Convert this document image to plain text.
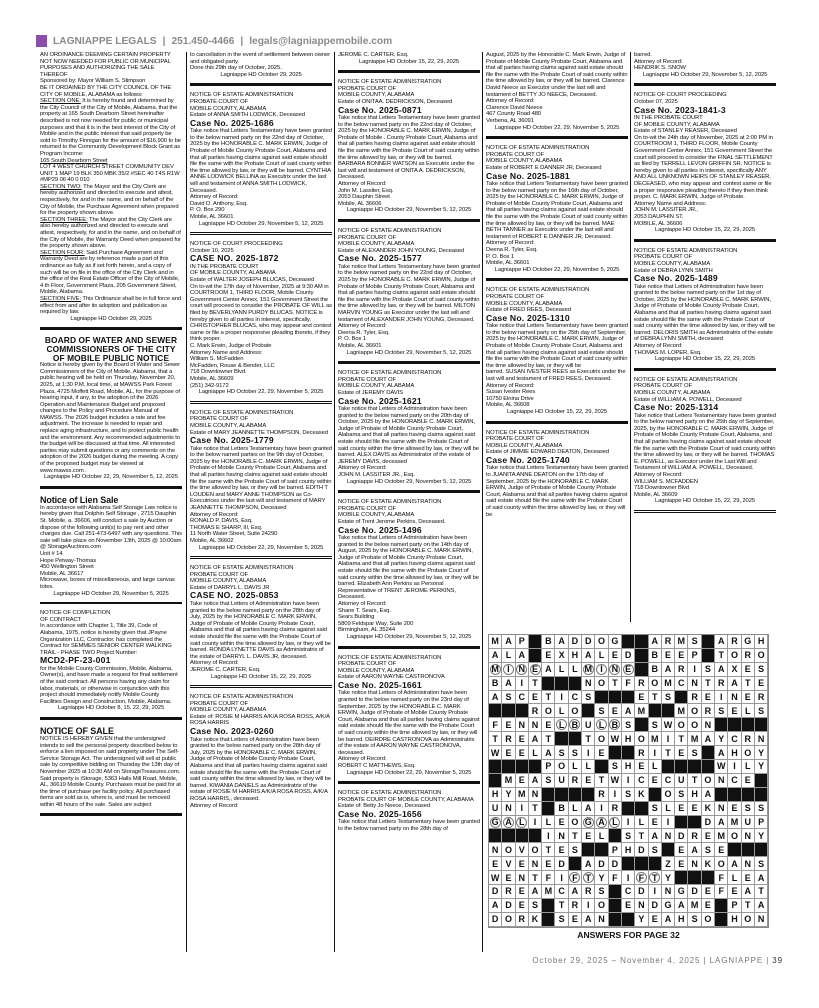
LAGNIAPPE LEGALS | 251.450-4466 | legals@lagniappemobile.com

AN ORDINANCE DEEMING CERTAIN PROPERTY NOT NOW NEEDED FOR PUBLIC OR MUNICIPAL PURPOSES AND AUTHORIZING THE SALE THEREOF

Sponsored by: Mayor William S. Stimpson

BE IT ORDAINED BY THE CITY COUNCIL OF THE CITY OF MOBILE, ALABAMA as follows:

SECTION ONE: It is hereby found and determined by the City Council of the City of Mobile, Alabama, that the property at 165 South Dearborn Street hereinafter described is not now needed for public or municipal purposes and that it is in the best interest of the City of Mobile and in the public interest that said property be sold to Timothy Finnigan for the amount of $16,900 to be returned to the Community Development Block Grant as Program Income:

165 South Dearborn Street

LOT 4 WEST CHURCH STREET COMMUNITY DEV UNIT 1 MAP 19 BLK 350 MBK 35/2 #SEC 40 T4S R1W #MP29 06 40 0 010

SECTION TWO: The Mayor and the City Clerk are hereby authorized and directed to execute and attest, respectively, for and in the name, and on behalf of the City of Mobile, the Purchase Agreement when prepared for the property shown above.

SECTION THREE: The Mayor and the City Clerk are also hereby authorized and directed to execute and attest, respectively, for and in the name, and on behalf of the City of Mobile, the Warranty Deed when prepared for the property shown above.

SECTION FOUR: Said Purchase Agreement and Warranty Deed are by reference made a part of this ordinance as fully as if set forth herein, and a copy of such will be on file in the office of the City Clerk and in the office of the Real Estate Officer of the City of Mobile, 4 th Floor, Government Plaza, 205 Government Street, Mobile, Alabama.

SECTION FIVE: This Ordinance shall be in full force and effect from and after its adoption and publication as required by law.

Lagniappe HD October 29, 2025

BOARD OF WATER AND SEWER COMMISSIONERS OF THE CITY OF MOBILE PUBLIC NOTICE

Notice is hereby given by the Board of Water and Sewer Commissioners of the City of Mobile, Alabama, that a public hearing will be held on Thursday, November 20, 2025, at 1:30 P.M. local time, at MAWSS Park Forest Plaza, 4725 Moffett Road, Mobile, AL, for the purpose of hearing input, if any, to the adoption of the 2026 Operation and Maintenance Budget and proposed changes to the Policy and Procedure Manual of MAWSS. The 2026 budget includes a rate and fee adjustment. The increase is needed to repair and replace aging infrastructure, and to protect public health and the environment. Any recommended adjustments to the budget will be discussed at that time. All interested parties may submit questions or any comments on the adoption of the 2026 budget during the meeting. A copy of the proposed budget may be viewed at www.mawss.com .

Lagniappe HD October 22, 29, November 5, 12, 2025

Notice of Lien Sale

In accordance with Alabama Self Storage Law notice is hereby given that Dolphin Self Storage , 2715 Dauphin St. Mobile, a. 36606, will conduct a sale by Auction or dispose of the following unit(s) to pay rent and other charges due. Call 251-473-6497 with any questions. This sale will take place on November 13th, 2025 @ 10:00am @ StorageAuctions.com

Unit # 14

Hope Petway-Thomas

450 Wellington Street

Mobile, AL 36617

Microwave, boxes of miscellaneous, and large canvas totes.

Lagniappe HD October 29, November 5, 2025

NOTICE OF COMPLETION

OF CONTRACT

In accordance with Chapter 1, Title 39, Code of Alabama, 1975, notice is hereby given that JPayne Organization LLC, Contractor, has completed the Contract for SEMMES SENIOR CENTER WALKING TRAIL - PHASE TWO Project Number:

MCD2-PF-23-001

for the Mobile County Commission, Mobile, Alabama, Owner(s), and have made a request for final settlement of the said contract. All persons having any claim for labor, materials, or otherwise in conjunction with this project should immediately notify Mobile County Facilities Design and Construction, Mobile, Alabama.

Lagniappe HD October 8, 15, 22, 29, 2025

NOTICE OF SALE

NOTICE IS HEREBY GIVEN that the undersigned intends to sell the personal property described below to enforce a lien imposed on said property under The Self-Service Storage Act. The undersigned will sell at public sale by competitive bidding on Thursday the 13th day of November 2025 at 10:30 AM on StorageTreasures.com. Said property is iStorage, 5363 Halls Mill Road, Mobile, AL, 36619 Mobile County. Purchases must be paid for at the time of purchase per facility policy. All purchased items are sold as is, where is, and must be removed within 48 hours of the sale. Sales are subject

to cancellation in the event of settlement between owner and obligated party.

Done this 29th day of October, 2025.

Lagniappe HD October 29, 2025

NOTICE OF ESTATE ADMINISTRATION

PROBATE COURT OF

MOBILE COUNTY, ALABAMA

Estate of ANNA SMITH LODWICK, Deceased

Case No. 2025-1686

Take notice that Letters Testamentary have been granted to the below named party on the 22nd day of October, 2025 by the HONORABLE C. MARK ERWIN, Judge of Probate of Mobile County Probate Court, Alabama and that all parties having claims against said estate should file the same with the Probate Court of said county within the time allowed by law, or they will be barred. CYNTHIA ANNE LODWICK BELLINA as Executrix under the last will and testament of ANNA SMITH LODWICK, Deceased.

Attorney of Record:

David D. Anthony, Esq.

P. O. Box 290

Mobile, AL 36601

Lagniappe HD October 29, November 5, 12, 2025

NOTICE OF COURT PROCEEDING

October 10, 2025

CASE NO. 2025-1872

IN THE PROBATE COURT

OF MOBILE COUNTY, ALABAMA

Estate of WALTER JOSEPH BLUCAS, Deceased

On to-wit the 17th day of November, 2025 at 9:30 AM in COURTROOM 1, THIRD FLOOR, Mobile County Government Center Annex, 151 Government Street the court will proceed to consider the PROBATE OF WILL as filed by BEVERLYANN PURDY BLUCAS. NOTICE is hereby given to all parties in interest, specifically, CHRISTOPHER BLUCAS, who may appear and contest same or file a proper responsive pleading thereto, if they think proper.

C. Mark Erwin, Judge of Probate

Attorney Name and Address:

William S. McFadden

McFadden, Rouse & Bender, LLC

718 Downtowner Blvd.

Mobile, AL 36609

(251) 342-9172

Lagniappe HD October 22, 29, November 5, 2025

NOTICE OF ESTATE ADMINISTRATION

PROBATE COURT OF

MOBILE COUNTY, ALABAMA

Estate of MARY JEANNETTE THOMPSON, Deceased

Case No. 2025-1779

Take notice that Letters Testamentary have been granted to the below named parties on the 9th day of October, 2025 by the HONORABLE C. MARK ERWIN, Judge of Probate of Mobile County Probate Court, Alabama and that all parties having claims against said estate should file the same with the Probate Court of said county within the time allowed by law, or they will be barred. EDITH T LOUDEN and MARY ANNE THOMPSON as Co-Executrices under the last will and testament of MARY JEANNETTE THOMPSON, Deceased

Attorney of Record:

RONALD P. DAVIS, Esq.

THOMAS E SHARP, III, Esq.

11 North Water Street, Suite 24290

Mobile, AL 36602

Lagniappe HD October 22, 29, November 5, 2025

NOTICE OF ESTATE ADMINISTRATION

PROBATE COURT OF

MOBILE COUNTY, ALABAMA

Estate of DARRYL L. DAVIS JR

CASE NO. 2025-0853

Take notice that Letters of Administration have been granted to the below named party on the 28th day of July, 2025 by the HONORABLE C. MARK ERWIN, Judge of Probate of Mobile County Probate Court, Alabama and that all parties having claims against said estate should file the same with the Probate Court of said county within the time allowed by law, or they will be barred. RONDA LYNETTE DAVIS as Administratrix of the estate of DARRYL L. DAVIS JR, deceased.

Attorney of Record:

JEROME C. CARTER, Esq.

Lagniappe HD October 15, 22, 29, 2025

NOTICE OF ESTATE ADMINISTRATION

PROBATE COURT OF

MOBILE COUNTY, ALABAMA

Estate of: ROSIE M HARRIS A/K/A ROSA ROSS, A/K/A ROSA HARRIS

Case No. 2023-0260

Take notice that Letters of Administration have been granted to the below named party on the 28th day of July, 2025 by the HONORABLE C. MARK ERWIN, Judge of Probate of Mobile County Probate Court, Alabama and that all parties having claims against said estate should file the same with the Probate Court of said county within the time allowed by law, or they will be barred. KIWANIA DANIELS as Administratrix of the estate of ROSIE M HARRIS A/K/A ROSA ROSS, A/K/A ROSA HARRIS,, deceased.

Attorney of Record:

JEROME C. CARTER, Esq.

Lagniappe HD October 15, 22, 29, 2025

NOTICE OF ESTATE ADMINISTRATION

PROBATE COURT OF

MOBILE COUNTY, ALABAMA

Estate of ONITAA. DEDRICKSON, Deceased

Case No. 2025-0871

Take notice that Letters Testamentary have been granted to the below named party on the 22nd day of October, 2025 by the HONORABLE C. MARK ERWIN, Judge of Probate of Mobile . County Probate Court, Alabama and that all parties having claims against said estate should file the same with the Probate Court of said county within the time allowed by law, or they will be barred. BARBARA BONNER WATSON as Executrix under the last will and testament of ONITA A. DEDRICKSON, Deceased.

Attorney of Record:

John M. Lassiter, Esq.

2053 Dauphin Street

Mobile, AL 36606

Lagniappe HD October 29, November 5, 12, 2025

NOTICE OF ESTATE ADMINISTRATION

PROBATE COURT OF

MOBILE COUNTY, ALABAMA

Estate of ALEXANDER JOHN YOUNG, Deceased

Case No. 2025-1577

Take notice that Letters Testamentary have been granted to the below named party on the 22nd day of October, 2025 by the HONORABLE C. MARK ERWIN, Judge of Probate of Mobile County Probate Court, Alabama and that all parties having claims against said estate should file the same with the Probate Court of said county within the time allowed by law, or they will be barred. MILTON MARVIN YOUNG as Executor under the last will and testament of ALEXANDER JOHN YOUNG, Deceased.

Attorney of Record:

Deena R. Tyler, Esq.

P. O. Box 1

Mobile, AL 36601

Lagniappe HD October 29, November 5, 12, 2025

NOTICE OF ESTATE ADMINISTRATION

PROBATE COURT OF

MOBILE COUNTY, ALABAMA

Estate of JEREMY DAVIS

Case No. 2025-1621

Take notice that Letters of Administration have been granted to the below named party on the 20th day of October, 2025 by the HONORABLE C. MARK ERWIN, Judge of Probate of Mobile County Probate Court, Alabama and that all parties having claims against said estate should file the same with the Probate Court of said county within the time allowed by law, or they will be barred. ALEX DAVIS as Administrator of the estate of JEREMY DAVIS, deceased

Attorney of Record:

JOHN M. LASSITER JR., Esq.

Lagniappe HD October 29, November 5, 12, 2025

NOTICE OF ESTATE ADMINISTRATION

PROBATE COURT OF

MOBILE COUNTY, ALABAMA

Estate of Trent Jerome Perkins, Deceased.

Case No. 2025-1496

Take notice that Letters of Administration have been granted to the below named party on the 14th day of August, 2025 by the HONORABLE C. MARK ERWIN, Judge of Probate of Mobile County Probate Court, Alabama and that all parties having claims against said estate should file the same with the Probate Court of said county within the time allowed by law, or they will be barred. Elizabeth Ann Perkins as Personal Representative of TRENT JEROME PERKINS, Deceased.

Attorney of Record:

Shane T. Sears, Esq.

Sears Building

5809 Feldspar Way, Suite 200

Birmingham, AL 35244

Lagniappe HD October 29, November 5, 12, 2025

NOTICE OF ESTATE ADMINISTRATION

PROBATE COURT OF

MOBILE COUNTY, ALABAMA

Estate of AARON WAYNE CASTRONOVA

Case No. 2025-1661

Take notice that Letters of Administration have been granted to the below named party on the 23rd day of September, 2025 by the HONORABLE C. MARK ERWIN, Judge of Probate of Mobile County Probate Court, Alabama and that all parties having claims against said estate should file the same with the Probate Court of said county within the time allowed by law, or they will be barred. DEIRDRE CASTRONOVA as Administratrix of the estate of AARON WAYNE CASTRONOVA, deceased.

Attorney of Record:

ROBERT C MATTHEWS, Esq.

Lagniappe HD October 22, 29, November 5, 2025

NOTICE OF ESTATE ADMINISTRATION

PROBATE COURT OF MOBILE COUNTY, ALABAMA

Estate of: Betty Jo Neece, Deceased

Case No. 2025-1656

Take notice that Letters Testamentary have been granted to the below named party on the 28th day of

August, 2025 by the Honorable C. Mark Erwin, Judge of Probate of Mobile County Probate Court, Alabama and that all parties having claims against said estate should file the same with the Probate Court of said county within the time allowed by law, or they will be barred. Clarence David Neece as Executor under the last will and testament of BETTY JO NEECE, Deceased.

Attorney of Record:

Clarence David Neece

467 County Road 480

Verbena, AL 36091

Lagniappe HD October 22, 29, November 5, 2025

NOTICE OF ESTATE ADMINISTRATION

PROBATE COURT OF

MOBILE COUNTY, ALABAMA

Estate of ROBERT E DANNER JR, Deceased

Case No. 2025-1881

Take notice that Letters Testamentary have been granted to the below named party on the 16th day of October, 2025 by the HONORABLE C. MARK ERWIN, Judge of Probate of Mobile County Probate Court, Alabama and that all parties having claims against said estate should file the same with the Probate Court of said county within the time allowed by law, or they will be barred. MAE BETH TANNER as Executrix under the last will and testament of ROBERT E DANNER JR, Deceased.

Attorney of Record:

Deena R. Tyler, Esq.

P. O. Box 1

Mobile, AL 36601

Lagniappe HD October 22, 29, November 5, 2025

NOTICE OF ESTATE ADMINISTRATION

PROBATE COURT OF

MOBILE COUNTY, ALABAMA

Estate of FRED REES, Deceased

Case No. 2025-1310

Take notice that Letters Testamentary have been granted to the below named party on the 25th day of September, 2025 by the HONORABLE C. MARK ERWIN, Judge of Probate of Mobile County Probate Court, Alabama and that all parties having claims against said estate should file the same with the Probate Court of said county within the time allowed by law, or they will be

barred. SUSAN IVESTER REES as Executrix under the last will and testament of FRED REES, Deceased.

Attorney of Record:

Susan Ivester Rees

10750 Elnina Drive

Mobile, AL 36608

Lagniappe HD October 15, 22, 29, 2025

NOTICE OF ESTATE ADMINISTRATION

PROBATE COURT OF

MOBILE COUNTY, ALABAMA

Estate of JIMMIE EDWARD DEATON, Deceased

Case No. 2025-1740

Take notice that Letters Testamentary have been granted to JUANITA ANNE DEATON on the 17th day of September, 2025 by the HONORABLE C. MARK ERWIN, Judge of Probate of Mobile County Probate Court, Alabama and that all parties having claims against said estate should file the same with the Probate Court of said county within the time allowed by law, or they will be

barred.

Attorney of Record:

HENDRIK S. SNOW

Lagniappe HD October 29, November 5, 12, 2025

NOTICE OF COURT PROCEEDING

October 07, 2025

Case No. 2023-1841-3

IN THE PROBATE COURT

OF MOBILE COUNTY, ALABAMA

Estate of STANLEY REASER, Deceased

On to-wit the 24th day of November, 2025 at 2:00 PM in COURTROOM 1, THIRD FLOOR, Mobile County Government Center Annex, 151 Government Street the court will proceed to consider the FINAL SETTLEMENT as filed by TERRELL LEVON GRIFFIN SR. NOTICE is hereby given to all parties in interest, specifically ANY AND ALL UNKNOWN HEIRS OF STANLEY REASER, DECEASED, who may appear and contest same or file a proper responsive pleading thereto if they then think proper. C. MARK ERWIN, Judge of Probate.

Attorney Name and Address:

JOHN M. LASSITER JR.,

2053 DAUPHIN ST.

MOBILE, AL 36606

Lagniappe HD October 15, 22, 29, 2025

NOTICE OF ESTATE ADMINISTRATION

PROBATE COURT OF

MOBILE COUNTY, ALABAMA

Estate of DEBRA LYNN SMITH

Case No. 2025-1489

Take notice that Letters of Administration have been granted to the below named party on the 1st day of October, 2025 by the HONORABLE C. MARK ERWIN, Judge of Probate of Mobile County Probate Court, Alabama and that all parties having claims against said estate should file the same with the Probate Court of said county within the time allowed by law, or they will be barred. DELORIS SMITH as Administratrix of the estate of DEBRA LYNN SMITH, deceased

Attorney of Record:

THOMAS M. LOPER, Esq.

Lagniappe HD October 15, 22, 29, 2025

NOTICE OF ESTATE ADMINISTRATION

PROBATE COURT OF

MOBILE COUNTY, ALABAMA

Estate of WILLIAM A. POWELL, Deceased

Case No: 2025-1314

Take notice that Letters Testamentary have been granted to the below named party on the 25th day of September, 2025, by the HONORABLE C. MARK ERWIN, Judge of Probate of Mobile County Probate Court, Alabama, and that all parties having claims against said estate should file the same with the Probate Court of said county within the time allowed by law, or they will be barred. THOMAS E. POWELL, as Executor under the Last Will and Testament of WILLIAM A. POWELL, Deceased.

Attorney of Record:

WILLIAM S. MCFADDEN

718 Downtowner Blvd

Mobile, AL 36609

Lagniappe HD October 15, 22, 29, 2025

M A P B A D D O G	A R M S A R G H
A L A E X H A L E D B E E P T O R O
M I N E A L L M I N E B A R I S A X E S
B A I T	N O T F R O M C N T R A T E
A S C E T I C S	E T S R E I N E R
R O L O S E A M	M O R S E L S
F E N N E L B U L B S S W O O N
T R E A T	T O W H O M I T M A Y C R N
W E E L A S S I E	R I T E S A H O Y
P O L L S H E L	W I L Y
M E A S U R E T W I C E C U T O N C E
H Y M N	R I S K O S H A
U N I T B L A I R	S L E E K N E S S
G A L	I L E O G A L	I L E I	D A M U P
I N T E L S T A N D R E M O N Y
N O V O T E S	P H D S E A S E
E V E N E D A D D	Z E N K O A N S
W E N T F I	F T Y F I	F T Y	F L E A
D R E A M C A R S C D I N G D E F E A T
A D E S T R I O E N D G A M E P T A
D O R K S E A N	Y E A H S O H O N
ANSWERS FOR PAGE 32
October 29, 2025 – November 4, 2025 | LAGNIAPPE | 39
